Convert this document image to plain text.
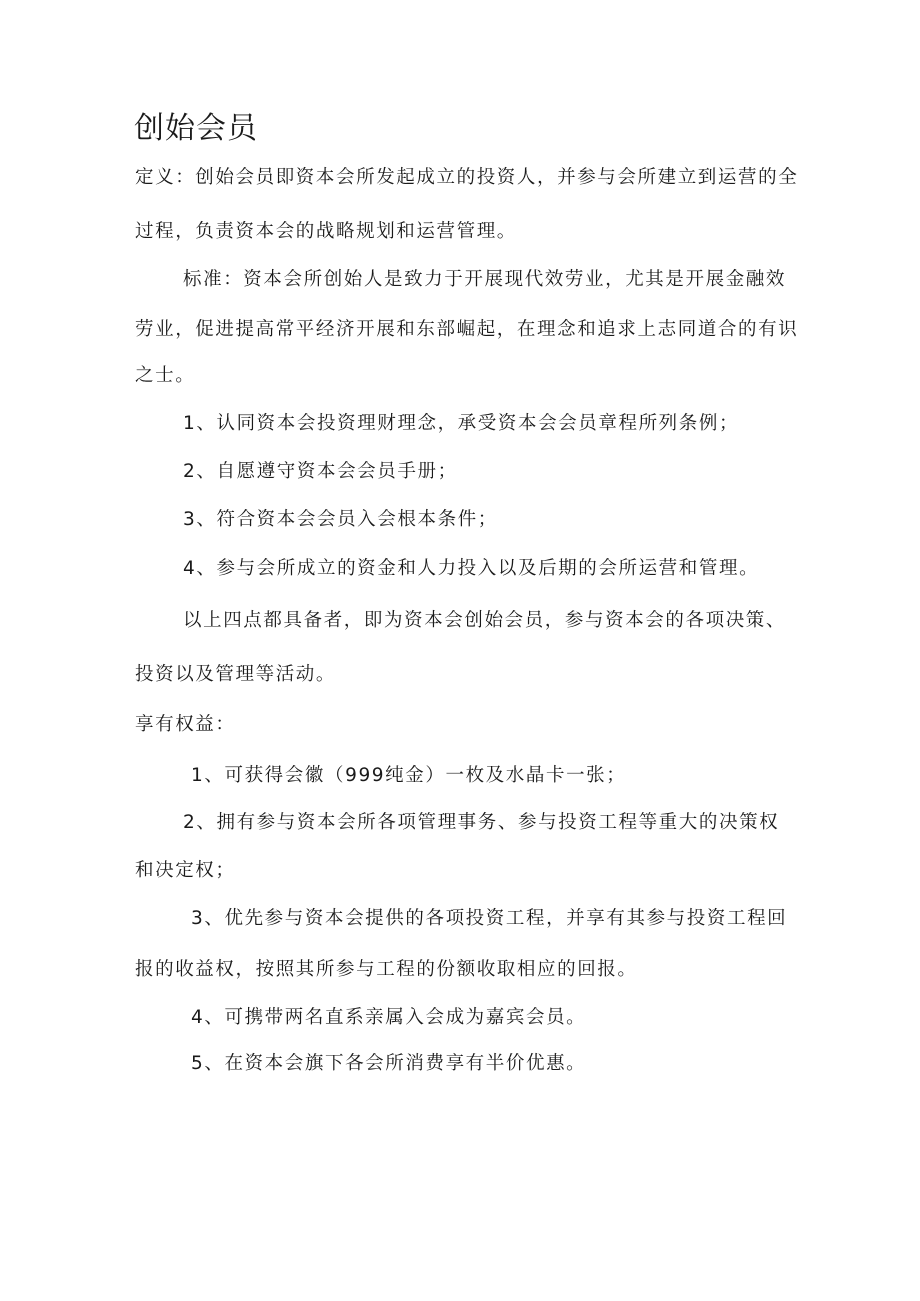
创始会员
定义：创始会员即资本会所发起成立的投资人，并参与会所建立到运营的全
过程，负责资本会的战略规划和运营管理。
标准：资本会所创始人是致力于开展现代效劳业，尤其是开展金融效
劳业，促进提高常平经济开展和东部崛起，在理念和追求上志同道合的有识
之士。
1、认同资本会投资理财理念，承受资本会会员章程所列条例；
2、自愿遵守资本会会员手册；
3、符合资本会会员入会根本条件；
4、参与会所成立的资金和人力投入以及后期的会所运营和管理。
以上四点都具备者，即为资本会创始会员，参与资本会的各项决策、
投资以及管理等活动。
享有权益：
1、可获得会徽（999纯金）一枚及水晶卡一张；
2、拥有参与资本会所各项管理事务、参与投资工程等重大的决策权
和决定权；
3、优先参与资本会提供的各项投资工程，并享有其参与投资工程回
报的收益权，按照其所参与工程的份额收取相应的回报。
4、可携带两名直系亲属入会成为嘉宾会员。
5、在资本会旗下各会所消费享有半价优惠。
